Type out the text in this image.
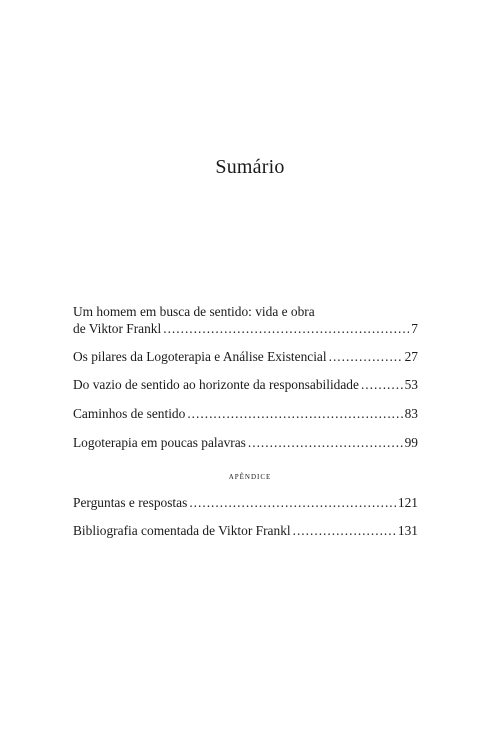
Sumário
Um homem em busca de sentido: vida e obra
de Viktor Frankl .....	7
Os pilares da Logoterapia e Análise Existencial .....	27
Do vazio de sentido ao horizonte da responsabilidade .....	53
Caminhos de sentido .....	83
Logoterapia em poucas palavras .....	99
Perguntas e respostas .....	121
Bibliografia comentada de Viktor Frankl .....	131
apêndice
